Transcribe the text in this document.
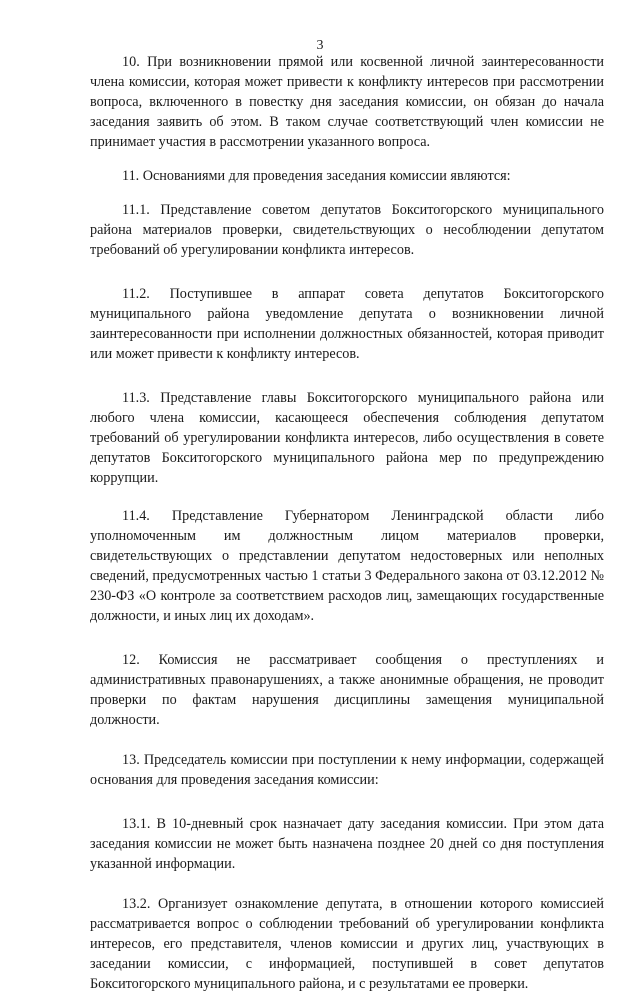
3

10. При возникновении прямой или косвенной личной заинтересованности члена комиссии, которая может привести к конфликту интересов при рассмотрении вопроса, включенного в повестку дня заседания комиссии, он обязан до начала заседания заявить об этом. В таком случае соответствующий член комиссии не принимает участия в рассмотрении указанного вопроса.

11. Основаниями для проведения заседания комиссии являются:

11.1. Представление советом депутатов Бокситогорского муниципального района материалов проверки, свидетельствующих о несоблюдении депутатом требований об урегулировании конфликта интересов.

11.2. Поступившее в аппарат совета депутатов Бокситогорского муниципального района уведомление депутата о возникновении личной заинтересованности при исполнении должностных обязанностей, которая приводит или может привести к конфликту интересов.

11.3. Представление главы Бокситогорского муниципального района или любого члена комиссии, касающееся обеспечения соблюдения депутатом требований об урегулировании конфликта интересов, либо осуществления в совете депутатов Бокситогорского муниципального района мер по предупреждению коррупции.

11.4. Представление Губернатором Ленинградской области либо уполномоченным им должностным лицом материалов проверки, свидетельствующих о представлении депутатом недостоверных или неполных сведений, предусмотренных частью 1 статьи 3 Федерального закона от 03.12.2012 № 230-ФЗ «О контроле за соответствием расходов лиц, замещающих государственные должности, и иных лиц их доходам».

12. Комиссия не рассматривает сообщения о преступлениях и административных правонарушениях, а также анонимные обращения, не проводит проверки по фактам нарушения дисциплины замещения муниципальной должности.

13. Председатель комиссии при поступлении к нему информации, содержащей основания для проведения заседания комиссии:

13.1. В 10-дневный срок назначает дату заседания комиссии. При этом дата заседания комиссии не может быть назначена позднее 20 дней со дня поступления указанной информации.

13.2. Организует ознакомление депутата, в отношении которого комиссией рассматривается вопрос о соблюдении требований об урегулировании конфликта интересов, его представителя, членов комиссии и других лиц, участвующих в заседании комиссии, с информацией, поступившей в совет депутатов Бокситогорского муниципального района, и с результатами ее проверки.
